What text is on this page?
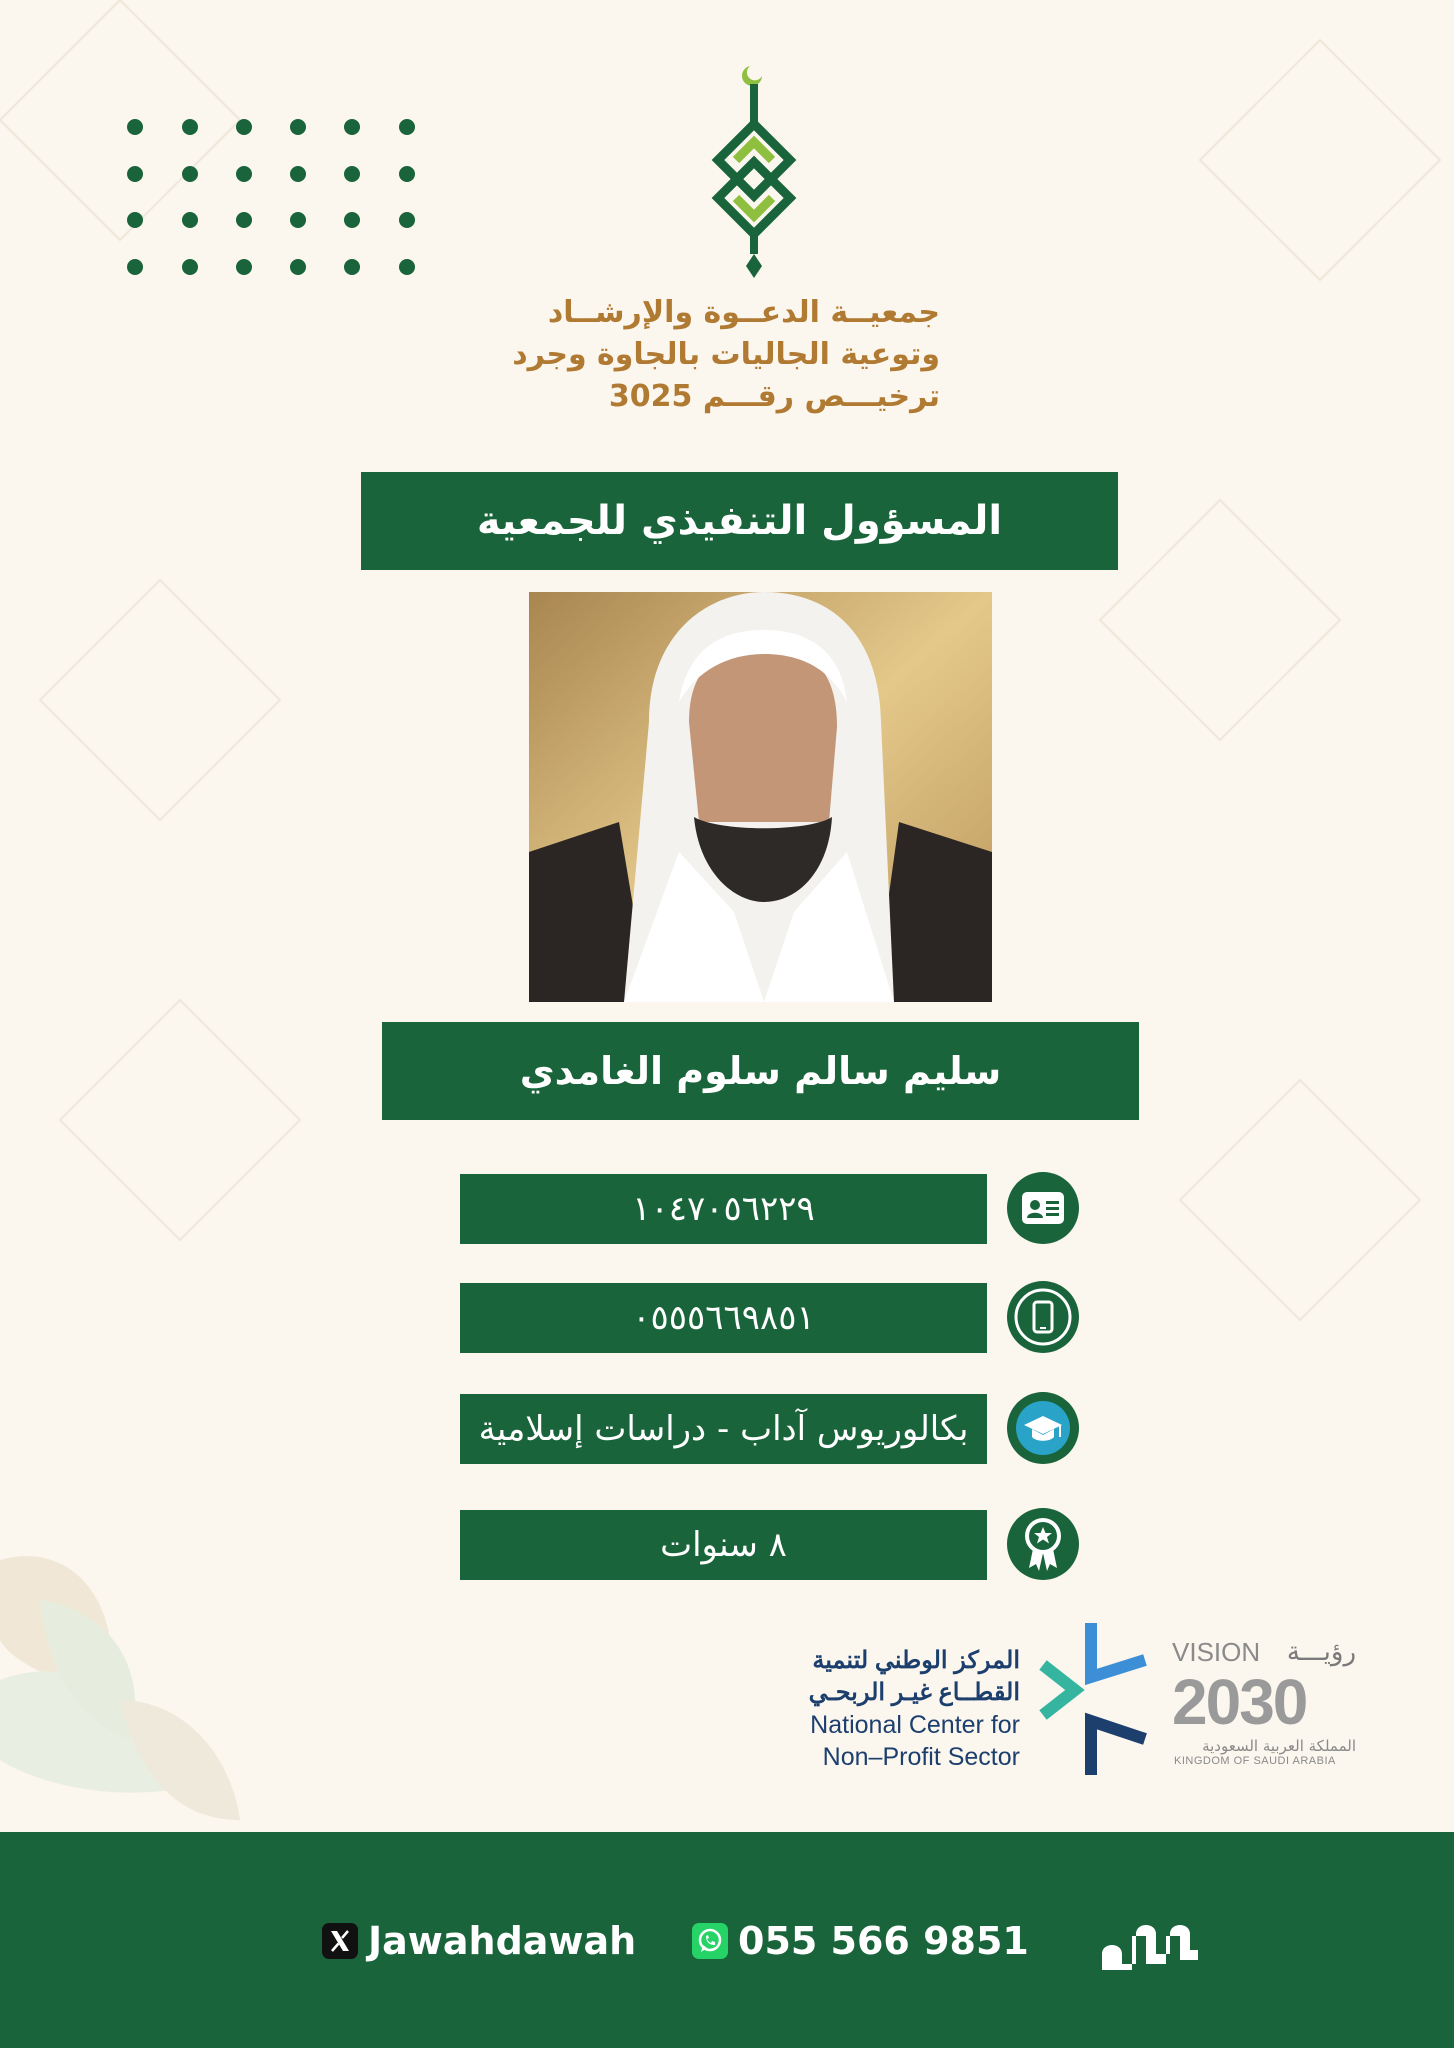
جمعيــة الدعــوة والإرشــاد
وتوعية الجاليات بالجاوة وجرد
ترخيـــص رقـــم 3025
المسؤول التنفيذي للجمعية
سليم سالم سلوم الغامدي
١٠٤٧٠٥٦٢٢٩
٠٥٥٥٦٦٩٨٥١
بكالوريوس آداب - دراسات إسلامية
٨ سنوات
المركز الوطني لتنمية
القطــاع غيـر الربحـي
National Center for
Non–Profit Sector
VISION	رؤيـــة
2030
المملكة العربية السعودية
KINGDOM OF SAUDI ARABIA
Jawahdawah	055 566 9851
